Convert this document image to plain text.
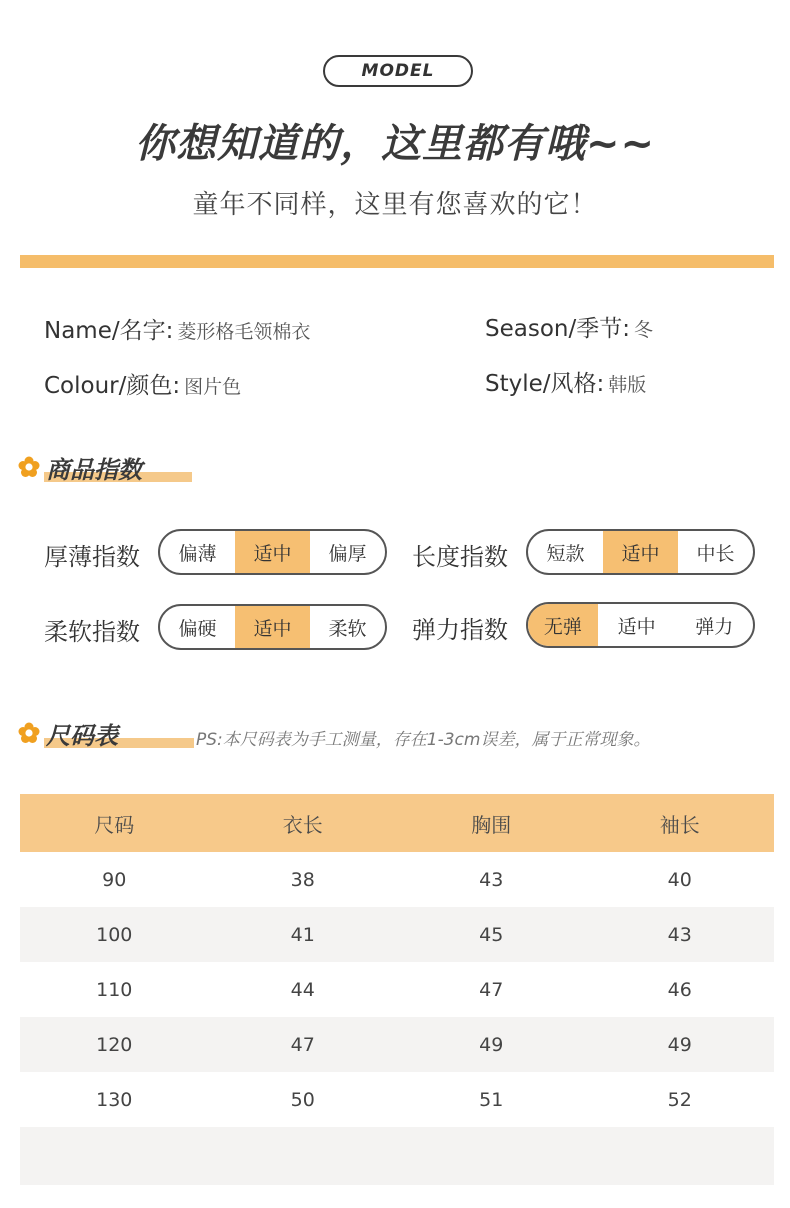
MODEL
你想知道的，这里都有哦~~
童年不同样，这里有您喜欢的它！
Name/名字: 菱形格毛领棉衣	Season/季节: 冬
Colour/颜色: 图片色	Style/风格: 韩版
商品指数
厚薄指数	偏薄	适中	偏厚	长度指数	短款	适中	中长
柔软指数	偏硬	适中	柔软	弹力指数	无弹	适中	弹力
尺码表	PS:本尺码表为手工测量，存在1-3cm误差，属于正常现象。
尺码	衣长	胸围	袖长
90	38	43	40
100	41	45	43
110	44	47	46
120	47	49	49
130	50	51	52
